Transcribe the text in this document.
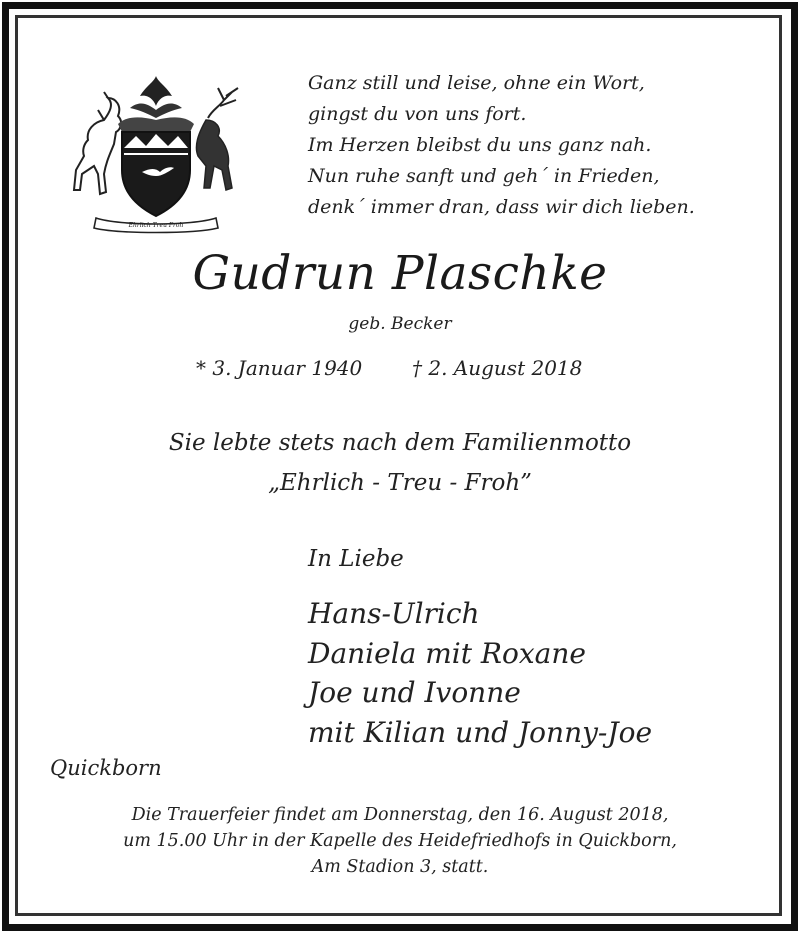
Ehrlich Treu Froh
Ganz still und leise, ohne ein Wort,
gingst du von uns fort.
Im Herzen bleibst du uns ganz nah.
Nun ruhe sanft und geh´ in Frieden,
denk´ immer dran, dass wir dich lieben.
Gudrun Plaschke
geb. Becker
* 3. Januar 1940 † 2. August 2018
Sie lebte stets nach dem Familienmotto
„Ehrlich - Treu - Froh”
In Liebe
Hans-Ulrich
Daniela mit Roxane
Joe und Ivonne
mit Kilian und Jonny-Joe
Quickborn
Die Trauerfeier findet am Donnerstag, den 16. August 2018,
um 15.00 Uhr in der Kapelle des Heidefriedhofs in Quickborn,
Am Stadion 3, statt.
